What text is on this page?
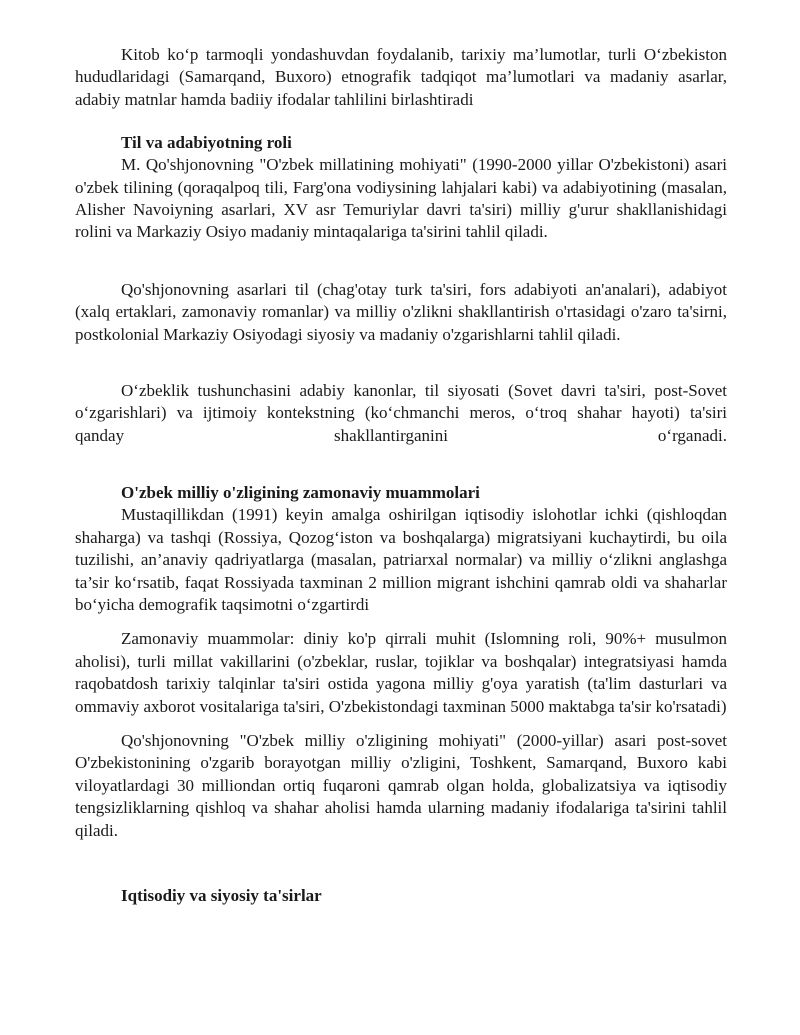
Kitob ko‘p tarmoqli yondashuvdan foydalanib, tarixiy ma’lumotlar, turli O‘zbekiston hududlaridagi (Samarqand, Buxoro) etnografik tadqiqot ma’lumotlari va madaniy asarlar, adabiy matnlar hamda badiiy ifodalar tahlilini birlashtiradi

Til va adabiyotning roli

M. Qo'shjonovning "O'zbek millatining mohiyati" (1990-2000 yillar O'zbekistoni) asari o'zbek tilining (qoraqalpoq tili, Farg'ona vodiysining lahjalari kabi) va adabiyotining (masalan, Alisher Navoiyning asarlari, XV asr Temuriylar davri ta'siri) milliy g'urur shakllanishidagi rolini va Markaziy Osiyo madaniy mintaqalariga ta'sirini tahlil qiladi.

Qo'shjonovning asarlari til (chag'otay turk ta'siri, fors adabiyoti an'analari), adabiyot (xalq ertaklari, zamonaviy romanlar) va milliy o'zlikni shakllantirish o'rtasidagi o'zaro ta'sirni, postkolonial Markaziy Osiyodagi siyosiy va madaniy o'zgarishlarni tahlil qiladi.

O‘zbeklik tushunchasini adabiy kanonlar, til siyosati (Sovet davri ta'siri, post-Sovet o‘zgarishlari) va ijtimoiy kontekstning (ko‘chmanchi meros, o‘troq shahar hayoti) ta'siri qanday shakllantirganini o‘rganadi.

O'zbek milliy o'zligining zamonaviy muammolari

Mustaqillikdan (1991) keyin amalga oshirilgan iqtisodiy islohotlar ichki (qishloqdan shaharga) va tashqi (Rossiya, Qozog‘iston va boshqalarga) migratsiyani kuchaytirdi, bu oila tuzilishi, an’anaviy qadriyatlarga (masalan, patriarxal normalar) va milliy o‘zlikni anglashga ta’sir ko‘rsatib, faqat Rossiyada taxminan 2 million migrant ishchini qamrab oldi va shaharlar bo‘yicha demografik taqsimotni o‘zgartirdi

Zamonaviy muammolar: diniy ko'p qirrali muhit (Islomning roli, 90%+ musulmon aholisi), turli millat vakillarini (o'zbeklar, ruslar, tojiklar va boshqalar) integratsiyasi hamda raqobatdosh tarixiy talqinlar ta'siri ostida yagona milliy g'oya yaratish (ta'lim dasturlari va ommaviy axborot vositalariga ta'siri, O'zbekistondagi taxminan 5000 maktabga ta'sir ko'rsatadi)

Qo'shjonovning "O'zbek milliy o'zligining mohiyati" (2000-yillar) asari post-sovet O'zbekistonining o'zgarib borayotgan milliy o'zligini, Toshkent, Samarqand, Buxoro kabi viloyatlardagi 30 milliondan ortiq fuqaroni qamrab olgan holda, globalizatsiya va iqtisodiy tengsizliklarning qishloq va shahar aholisi hamda ularning madaniy ifodalariga ta'sirini tahlil qiladi.

Iqtisodiy va siyosiy ta'sirlar
